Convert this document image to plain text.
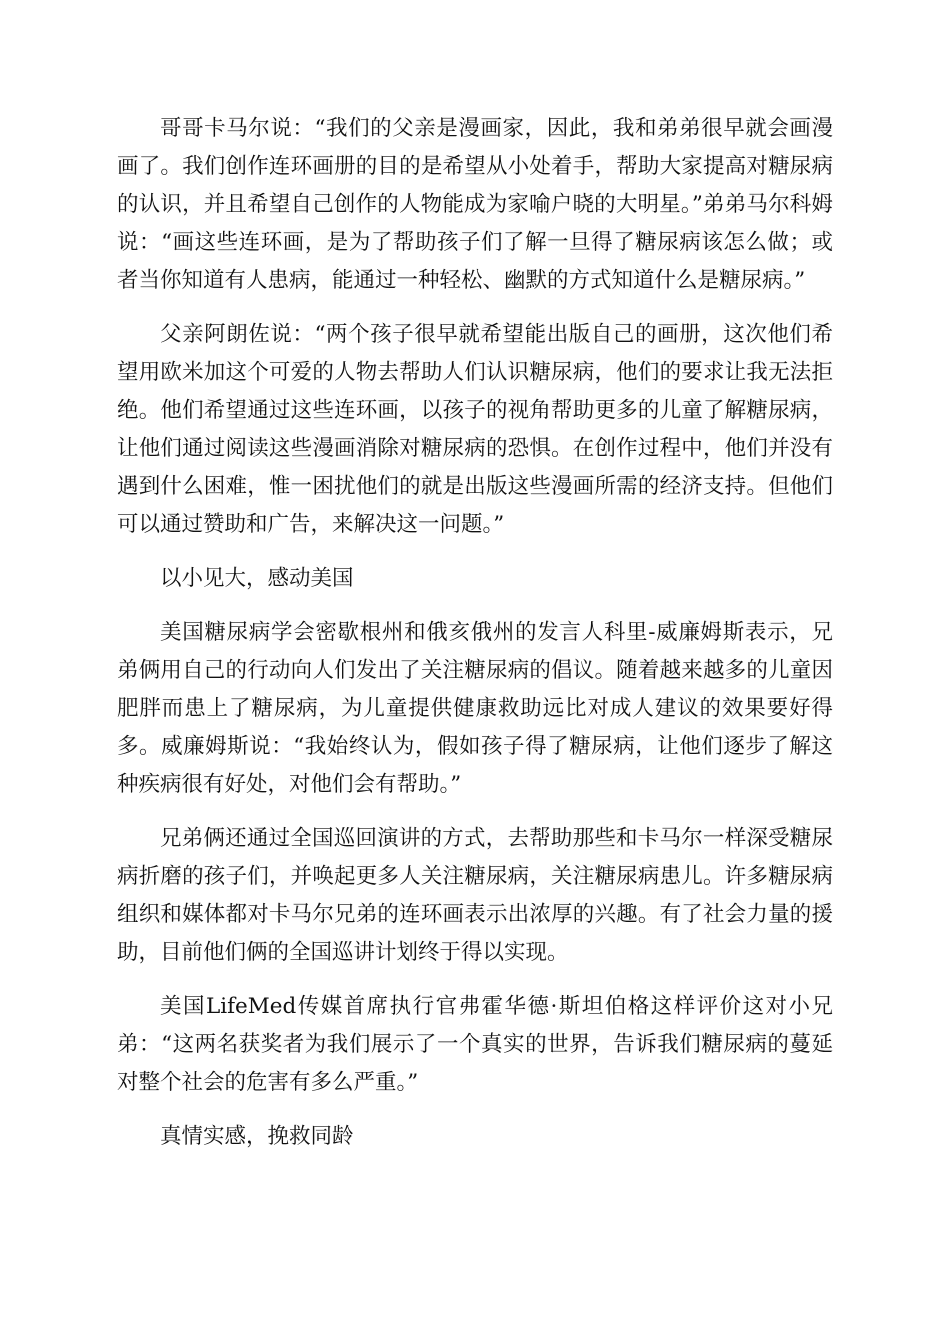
哥哥卡马尔说：“我们的父亲是漫画家，因此，我和弟弟很早就会画漫画了。我们创作连环画册的目的是希望从小处着手，帮助大家提高对糖尿病的认识，并且希望自己创作的人物能成为家喻户晓的大明星。”弟弟马尔科姆说：“画这些连环画，是为了帮助孩子们了解一旦得了糖尿病该怎么做；或者当你知道有人患病，能通过一种轻松、幽默的方式知道什么是糖尿病。”

父亲阿朗佐说：“两个孩子很早就希望能出版自己的画册，这次他们希望用欧米加这个可爱的人物去帮助人们认识糖尿病，他们的要求让我无法拒绝。他们希望通过这些连环画，以孩子的视角帮助更多的儿童了解糖尿病，让他们通过阅读这些漫画消除对糖尿病的恐惧。在创作过程中，他们并没有遇到什么困难，惟一困扰他们的就是出版这些漫画所需的经济支持。但他们可以通过赞助和广告，来解决这一问题。”

以小见大，感动美国

美国糖尿病学会密歇根州和俄亥俄州的发言人科里-威廉姆斯表示，兄弟俩用自己的行动向人们发出了关注糖尿病的倡议。随着越来越多的儿童因肥胖而患上了糖尿病，为儿童提供健康救助远比对成人建议的效果要好得多。威廉姆斯说：“我始终认为，假如孩子得了糖尿病，让他们逐步了解这种疾病很有好处，对他们会有帮助。”

兄弟俩还通过全国巡回演讲的方式，去帮助那些和卡马尔一样深受糖尿病折磨的孩子们，并唤起更多人关注糖尿病，关注糖尿病患儿。许多糖尿病组织和媒体都对卡马尔兄弟的连环画表示出浓厚的兴趣。有了社会力量的援助，目前他们俩的全国巡讲计划终于得以实现。

美国LifeMed传媒首席执行官弗霍华德·斯坦伯格这样评价这对小兄弟：“这两名获奖者为我们展示了一个真实的世界，告诉我们糖尿病的蔓延对整个社会的危害有多么严重。”

真情实感，挽救同龄
